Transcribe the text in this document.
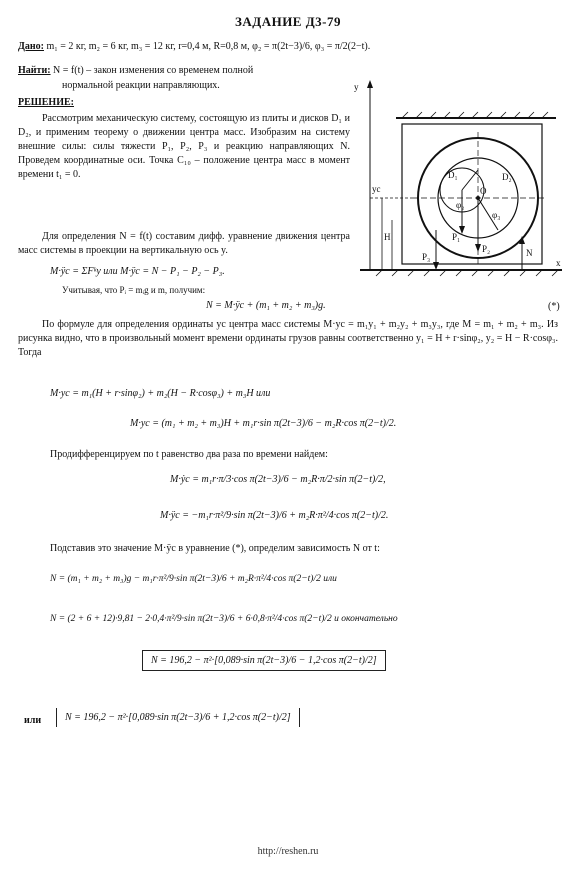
ЗАДАНИЕ Д3-79
Дано: m₁ = 2 кг, m₂ = 6 кг, m₃ = 12 кг, r=0,4 м, R=0,8 м, φ₂ = π(2t−3)/6, φ₃ = π/2(2−t).
Найти: N = f(t) – закон изменения со временем полной
нормальной реакции направляющих.
РЕШЕНИЕ:
Рассмотрим механическую систему, состоящую из плиты и дисков D₁ и D₂, и применим теорему о движении центра масс. Изобразим на систему внешние силы: силы тяжести P₁, P₂, P₃ и реакцию направляющих N. Проведем координатные оси. Точка C₁₀ – положение центра масс в момент времени t₁ = 0.
Для определения N = f(t) составим дифф. уравнение движения центра масс системы в проекции на вертикальную ось y.
y
O
D₁	D₂
φ₂
φ₃
yc
H	P₁
P₂
P₃	N
x
M·ÿc = ΣFᵏy или M·ÿc = N − P₁ − P₂ − P₃.
Учитывая, что Pᵢ = mᵢg и m, получим:
N = M·ÿc + (m₁ + m₂ + m₃)g.	(*)
По формуле для определения ординаты yc центра масс системы M·yc = m₁y₁ + m₂y₂ + m₃y₃, где M = m₁ + m₂ + m₃. Из рисунка видно, что в произвольный момент времени ординаты грузов равны соответственно y₁ = H + r·sinφ₂, y₂ = H − R·cosφ₃. Тогда
M·yc = m₁(H + r·sinφ₂) + m₂(H − R·cosφ₃) + m₃H или
M·yc = (m₁ + m₂ + m₃)H + m₁r·sin π(2t−3)/6 − m₂R·cos π(2−t)/2.
Продифференцируем по t равенство два раза по времени найдем:
M·ẏc = m₁r·π/3·cos π(2t−3)/6 − m₂R·π/2·sin π(2−t)/2,
M·ÿc = −m₁r·π²/9·sin π(2t−3)/6 + m₂R·π²/4·cos π(2−t)/2.
Подставив это значение M·ÿc в уравнение (*), определим зависимость N от t:
N = (m₁ + m₂ + m₃)g − m₁r·π²/9·sin π(2t−3)/6 + m₂R·π²/4·cos π(2−t)/2 или
N = (2 + 6 + 12)·9,81 − 2·0,4·π²/9·sin π(2t−3)/6 + 6·0,8·π²/4·cos π(2−t)/2 и окончательно
N = 196,2 − π²·[0,089·sin π(2t−3)/6 − 1,2·cos π(2−t)/2]
или	N = 196,2 − π²·[0,089·sin π(2t−3)/6 + 1,2·cos π(2−t)/2]
http://reshen.ru
